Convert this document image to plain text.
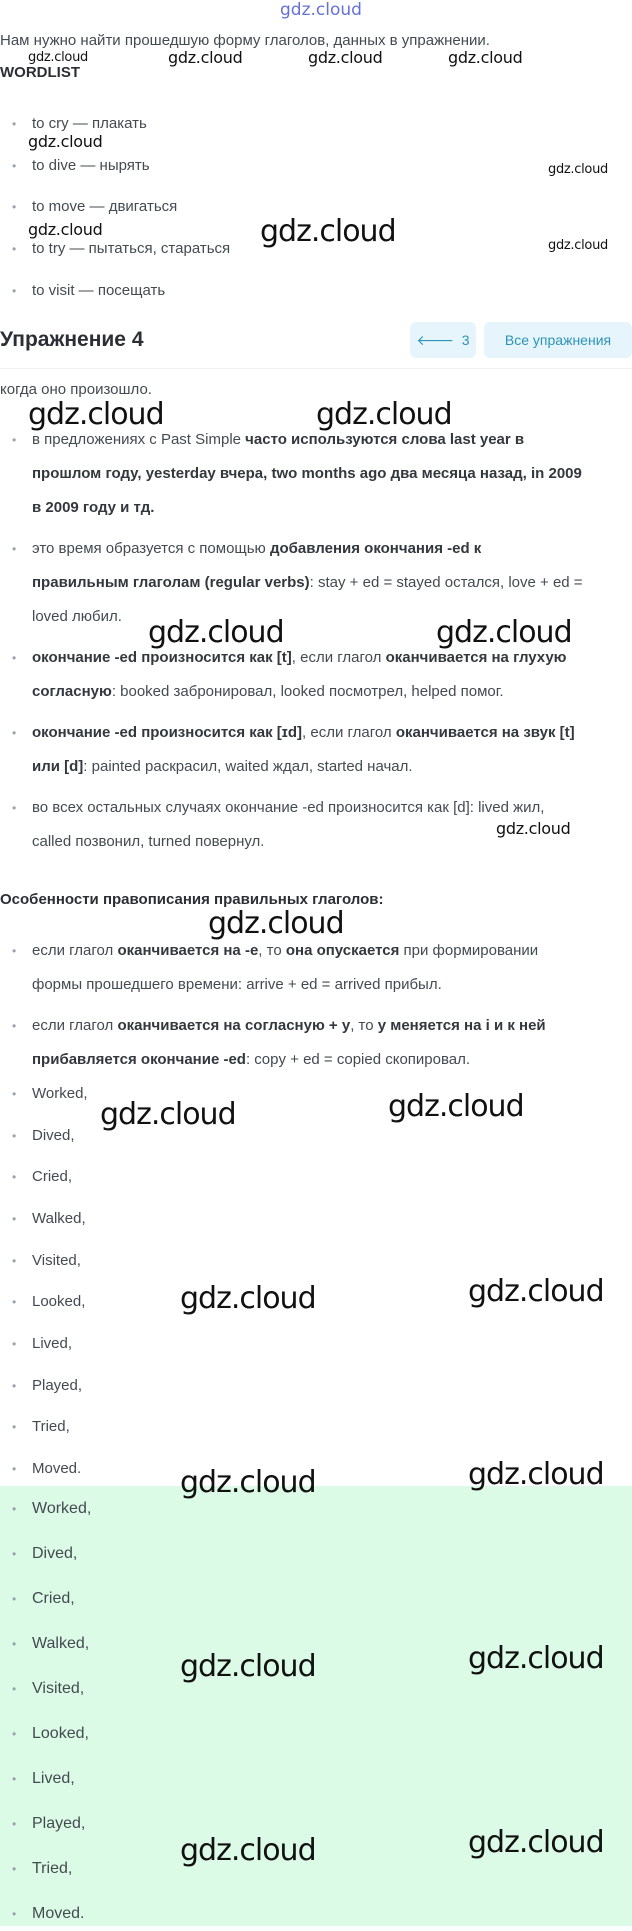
gdz.cloud
Нам нужно найти прошедшую форму глаголов, данных в упражнении.
WORDLIST
• to cry — плакать
• to dive — нырять
• to move — двигаться
• to try — пытаться, стараться
• to visit — посещать
Упражнение 4	🡐 3	Все упражнения
когда оно произошло.

• в предложениях с Past Simple часто используются слова last year в

прошлом году, yesterday вчера, two months ago два месяца назад, in 2009

в 2009 году и тд.

• это время образуется с помощью добавления окончания -ed к

правильным глаголам (regular verbs): stay + ed = stayed остался, love + ed =

loved любил.

• окончание -ed произносится как [t], если глагол оканчивается на глухую

согласную: booked забронировал, looked посмотрел, helped помог.

• окончание -ed произносится как [ɪd], если глагол оканчивается на звук [t]

или [d]: painted раскрасил, waited ждал, started начал.

• во всех остальных случаях окончание -ed произносится как [d]: lived жил,

called позвонил, turned повернул.

Особенности правописания правильных глаголов:

• если глагол оканчивается на -e, то она опускается при формировании

формы прошедшего времени: arrive + ed = arrived прибыл.

• если глагол оканчивается на согласную + y, то y меняется на i и к ней

прибавляется окончание -ed: copy + ed = copied скопировал.

• Worked,
• Dived,
• Cried,
• Walked,
• Visited,
• Looked,
• Lived,
• Played,
• Tried,
• Moved.
• Worked,
• Dived,
• Cried,
• Walked,
• Visited,
• Looked,
• Lived,
• Played,
• Tried,
• Moved.
gdz.cloud	gdz.cloud	gdz.cloud	gdz.cloud
gdz.cloud
gdz.cloud
gdz.cloud	gdz.cloud	gdz.cloud
gdz.cloud	gdz.cloud
gdz.cloud	gdz.cloud
gdz.cloud
gdz.cloud
gdz.cloud	gdz.cloud
gdz.cloud	gdz.cloud
gdz.cloud	gdz.cloud
gdz.cloud	gdz.cloud
gdz.cloud	gdz.cloud
